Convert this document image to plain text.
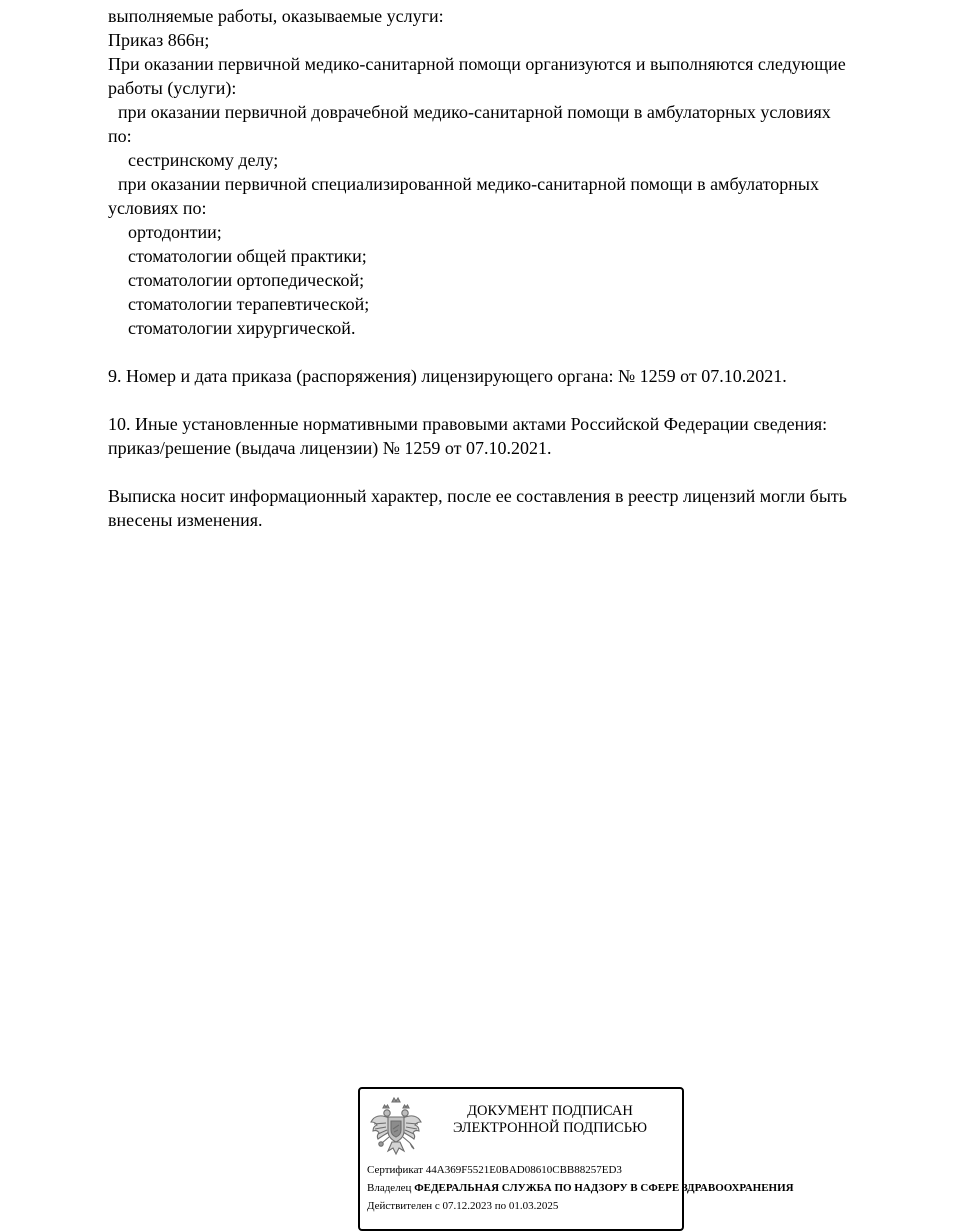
выполняемые работы, оказываемые услуги:
Приказ 866н;
При оказании первичной медико-санитарной помощи организуются и выполняются следующие
работы (услуги):
при оказании первичной доврачебной медико-санитарной помощи в амбулаторных условиях
по:
сестринскому делу;
при оказании первичной специализированной медико-санитарной помощи в амбулаторных
условиях по:
ортодонтии;
стоматологии общей практики;
стоматологии ортопедической;
стоматологии терапевтической;
стоматологии хирургической.
9. Номер и дата приказа (распоряжения) лицензирующего органа: № 1259 от 07.10.2021.
10. Иные установленные нормативными правовыми актами Российской Федерации сведения:
приказ/решение (выдача лицензии) № 1259 от 07.10.2021.
Выписка носит информационный характер, после ее составления в реестр лицензий могли быть
внесены изменения.
ДОКУМЕНТ ПОДПИСАН
ЭЛЕКТРОННОЙ ПОДПИСЬЮ
Сертификат 44A369F5521E0BAD08610CBB88257ED3
Владелец ФЕДЕРАЛЬНАЯ СЛУЖБА ПО НАДЗОРУ В СФЕРЕ ЗДРАВООХРАНЕНИЯ
Действителен с 07.12.2023 по 01.03.2025
